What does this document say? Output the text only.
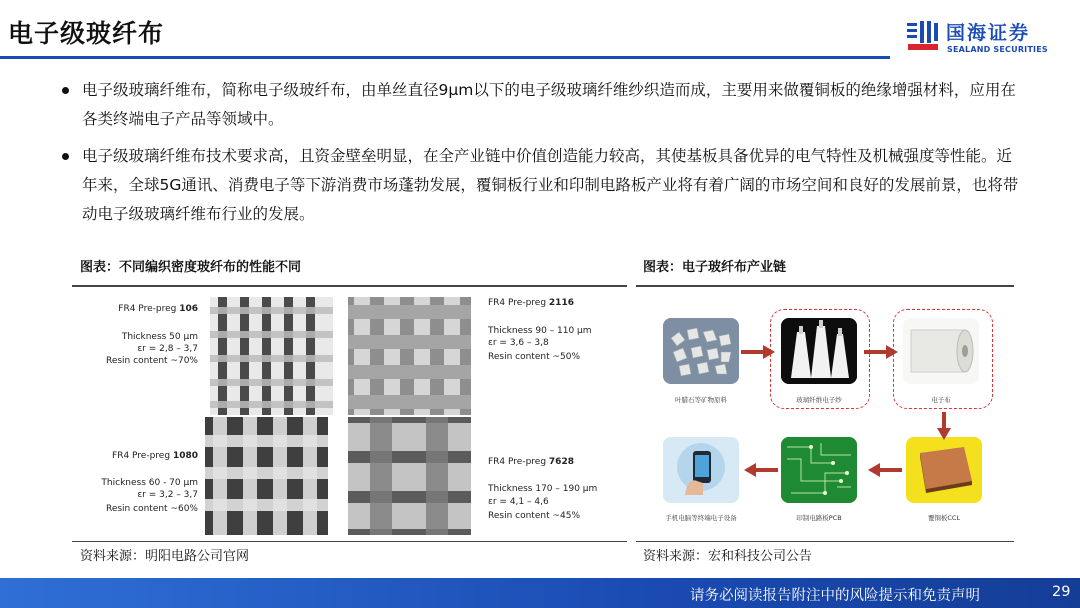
电子级玻纤布	国海证券
SEALAND SECURITIES
电子级玻璃纤维布，简称电子级玻纤布，由单丝直径9μm以下的电子级玻璃纤维纱织造而成，主要用来做覆铜板的绝缘增强材料，应用在各类终端电子产品等领域中。
电子级玻璃纤维布技术要求高，且资金壁垒明显，在全产业链中价值创造能力较高，其使基板具备优异的电气特性及机械强度等性能。近年来，全球5G通讯、消费电子等下游消费市场蓬勃发展，覆铜板行业和印制电路板产业将有着广阔的市场空间和良好的发展前景，也将带动电子级玻璃纤维布行业的发展。
图表：不同编织密度玻纤布的性能不同
资料来源：明阳电路公司官网
FR4 Pre-preg 106
Thickness 50 μm
εr = 2,8 – 3,7
Resin content ~70%
FR4 Pre-preg 2116
Thickness 90 – 110 μm
εr = 3,6 – 3,8
Resin content ~50%
FR4 Pre-preg 1080
Thickness 60 - 70 μm
εr = 3,2 – 3,7
Resin content ~60%
FR4 Pre-preg 7628
Thickness 170 – 190 μm
εr = 4,1 – 4,6
Resin content ~45%
图表：电子玻纤布产业链
资料来源：宏和科技公司公告
叶腊石等矿物原料	玻璃纤维电子纱	电子布
手机电脑等终端电子设备	印制电路板PCB	覆铜板CCL
请务必阅读报告附注中的风险提示和免责声明	29
